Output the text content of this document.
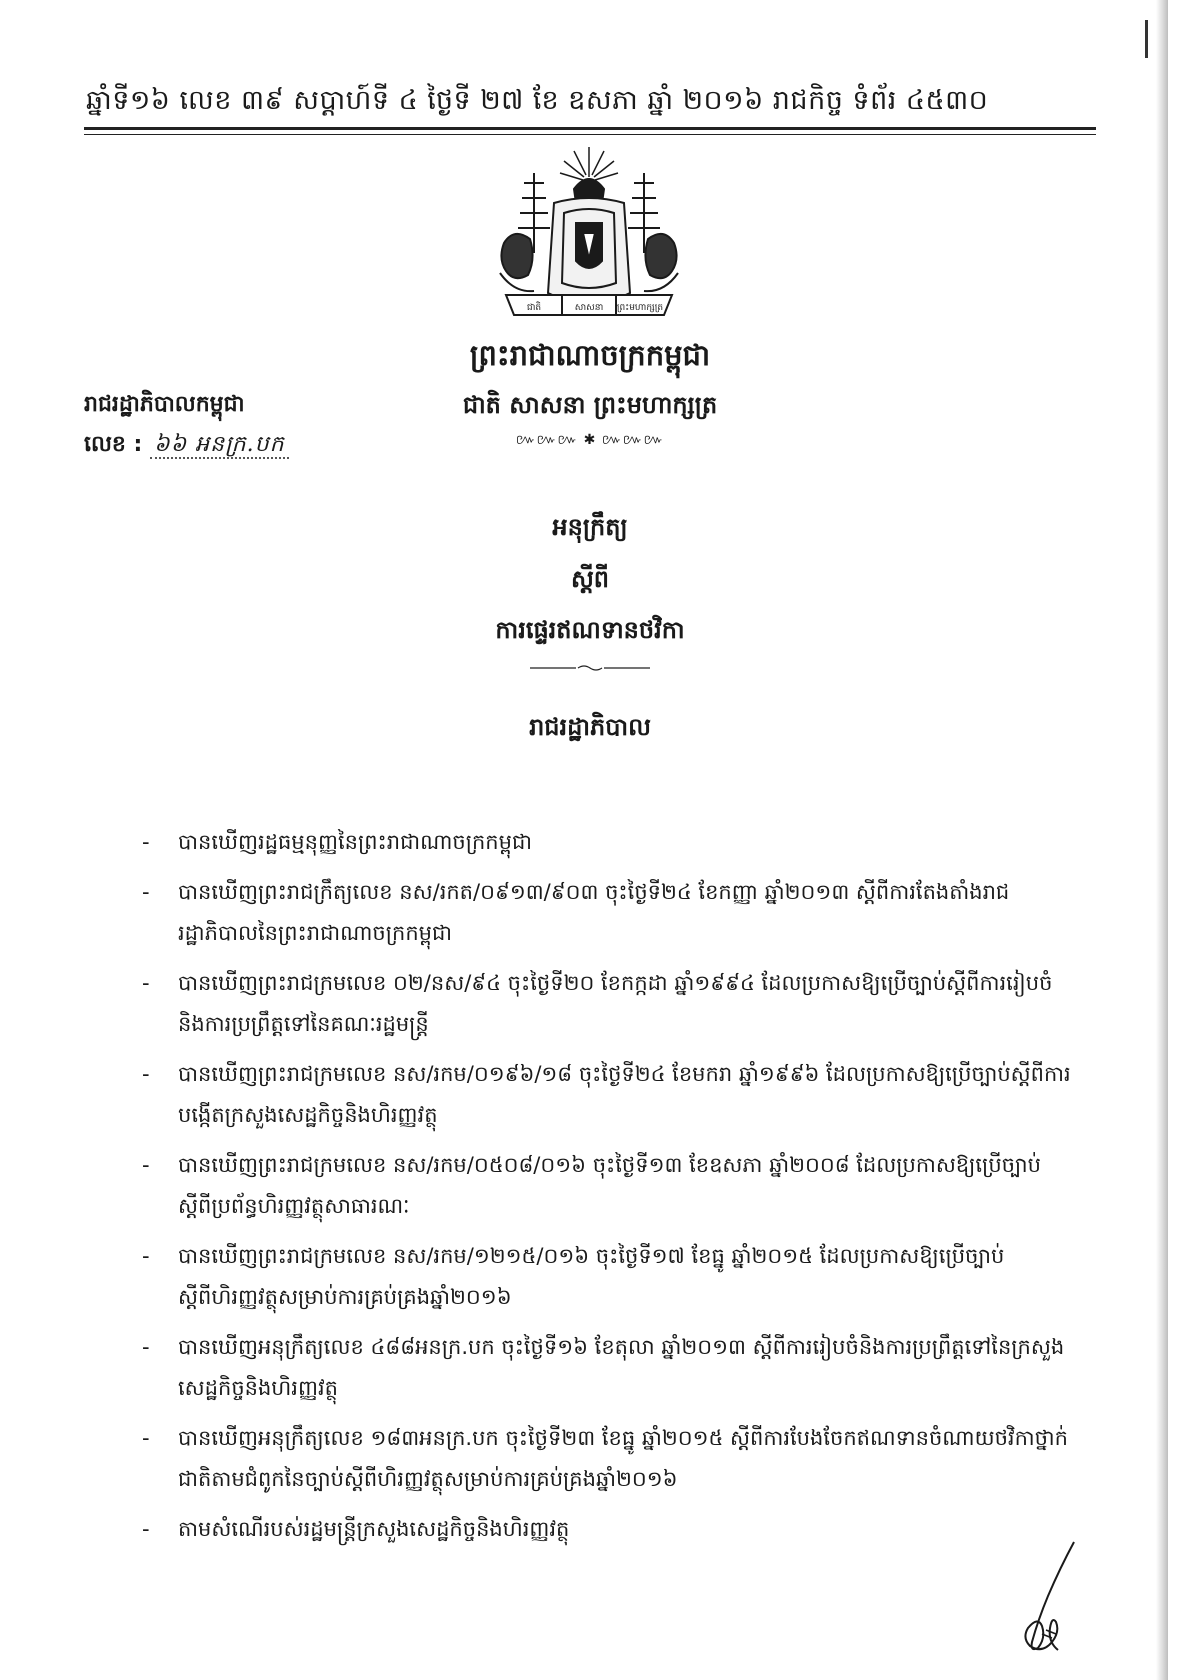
ឆ្នាំទី១៦ លេខ ៣៩ សប្ដាហ៍ទី ៤ ថ្ងៃទី ២៧ ខែ ឧសភា ឆ្នាំ ២០១៦ រាជកិច្ច ទំព័រ ៤៥៣០
ជាតិ	សាសនា ព្រះមហាក្សត្រ
ព្រះរាជាណាចក្រកម្ពុជា
ជាតិ សាសនា ព្រះមហាក្សត្រ
៚៚៚ ✱ ៚៚៚
រាជរដ្ឋាភិបាលកម្ពុជា
លេខ : ៦៦ អនក្រ.បក
អនុក្រឹត្យ
ស្ដីពី
ការផ្ទេរឥណទានថវិកា
រាជរដ្ឋាភិបាល
- បានឃើញរដ្ឋធម្មនុញ្ញនៃព្រះរាជាណាចក្រកម្ពុជា
- បានឃើញព្រះរាជក្រឹត្យលេខ នស/រកត/០៩១៣/៩០៣ ចុះថ្ងៃទី២៤ ខែកញ្ញា ឆ្នាំ២០១៣ ស្ដីពីការតែងតាំងរាជរដ្ឋាភិបាលនៃព្រះរាជាណាចក្រកម្ពុជា
- បានឃើញព្រះរាជក្រមលេខ ០២/នស/៩៤ ចុះថ្ងៃទី២០ ខែកក្កដា ឆ្នាំ១៩៩៤ ដែលប្រកាសឱ្យប្រើច្បាប់ស្ដីពីការរៀបចំនិងការប្រព្រឹត្តទៅនៃគណៈរដ្ឋមន្ត្រី
- បានឃើញព្រះរាជក្រមលេខ នស/រកម/០១៩៦/១៨ ចុះថ្ងៃទី២៤ ខែមករា ឆ្នាំ១៩៩៦ ដែលប្រកាសឱ្យប្រើច្បាប់ស្ដីពីការបង្កើតក្រសួងសេដ្ឋកិច្ចនិងហិរញ្ញវត្ថុ
- បានឃើញព្រះរាជក្រមលេខ នស/រកម/០៥០៨/០១៦ ចុះថ្ងៃទី១៣ ខែឧសភា ឆ្នាំ២០០៨ ដែលប្រកាសឱ្យប្រើច្បាប់ស្ដីពីប្រព័ន្ធហិរញ្ញវត្ថុសាធារណៈ
- បានឃើញព្រះរាជក្រមលេខ នស/រកម/១២១៥/០១៦ ចុះថ្ងៃទី១៧ ខែធ្នូ ឆ្នាំ២០១៥ ដែលប្រកាសឱ្យប្រើច្បាប់ស្ដីពីហិរញ្ញវត្ថុសម្រាប់ការគ្រប់គ្រងឆ្នាំ២០១៦
- បានឃើញអនុក្រឹត្យលេខ ៤៨៨អនក្រ.បក ចុះថ្ងៃទី១៦ ខែតុលា ឆ្នាំ២០១៣ ស្ដីពីការរៀបចំនិងការប្រព្រឹត្តទៅនៃក្រសួងសេដ្ឋកិច្ចនិងហិរញ្ញវត្ថុ
- បានឃើញអនុក្រឹត្យលេខ ១៨៣អនក្រ.បក ចុះថ្ងៃទី២៣ ខែធ្នូ ឆ្នាំ២០១៥ ស្ដីពីការបែងចែកឥណទានចំណាយថវិកាថ្នាក់ជាតិតាមជំពូកនៃច្បាប់ស្ដីពីហិរញ្ញវត្ថុសម្រាប់ការគ្រប់គ្រងឆ្នាំ២០១៦
- តាមសំណើរបស់រដ្ឋមន្ត្រីក្រសួងសេដ្ឋកិច្ចនិងហិរញ្ញវត្ថុ
